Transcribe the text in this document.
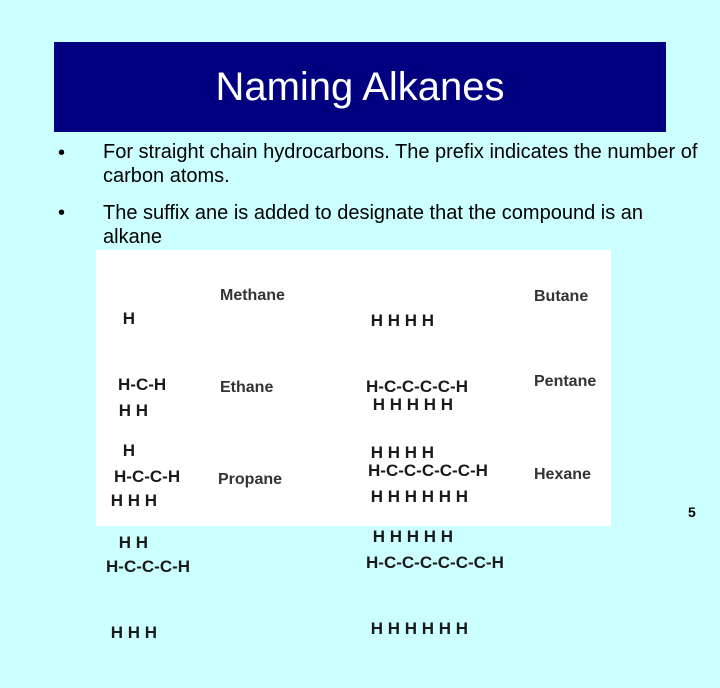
Naming Alkanes
• For straight chain hydrocarbons. The prefix indicates the number of carbon atoms.
• The suffix ane is added to designate that the compound is an alkane

H

H-C-H

H

Methane

H H

H-C-C-H

H H

Ethane

H H H

H-C-C-C-H

H H H

Propane

H H H H

H-C-C-C-C-H

H H H H

Butane

H H H H H

H-C-C-C-C-C-H

H H H H H

Pentane

H H H H H H

H-C-C-C-C-C-C-H

H H H H H H

Hexane
5
